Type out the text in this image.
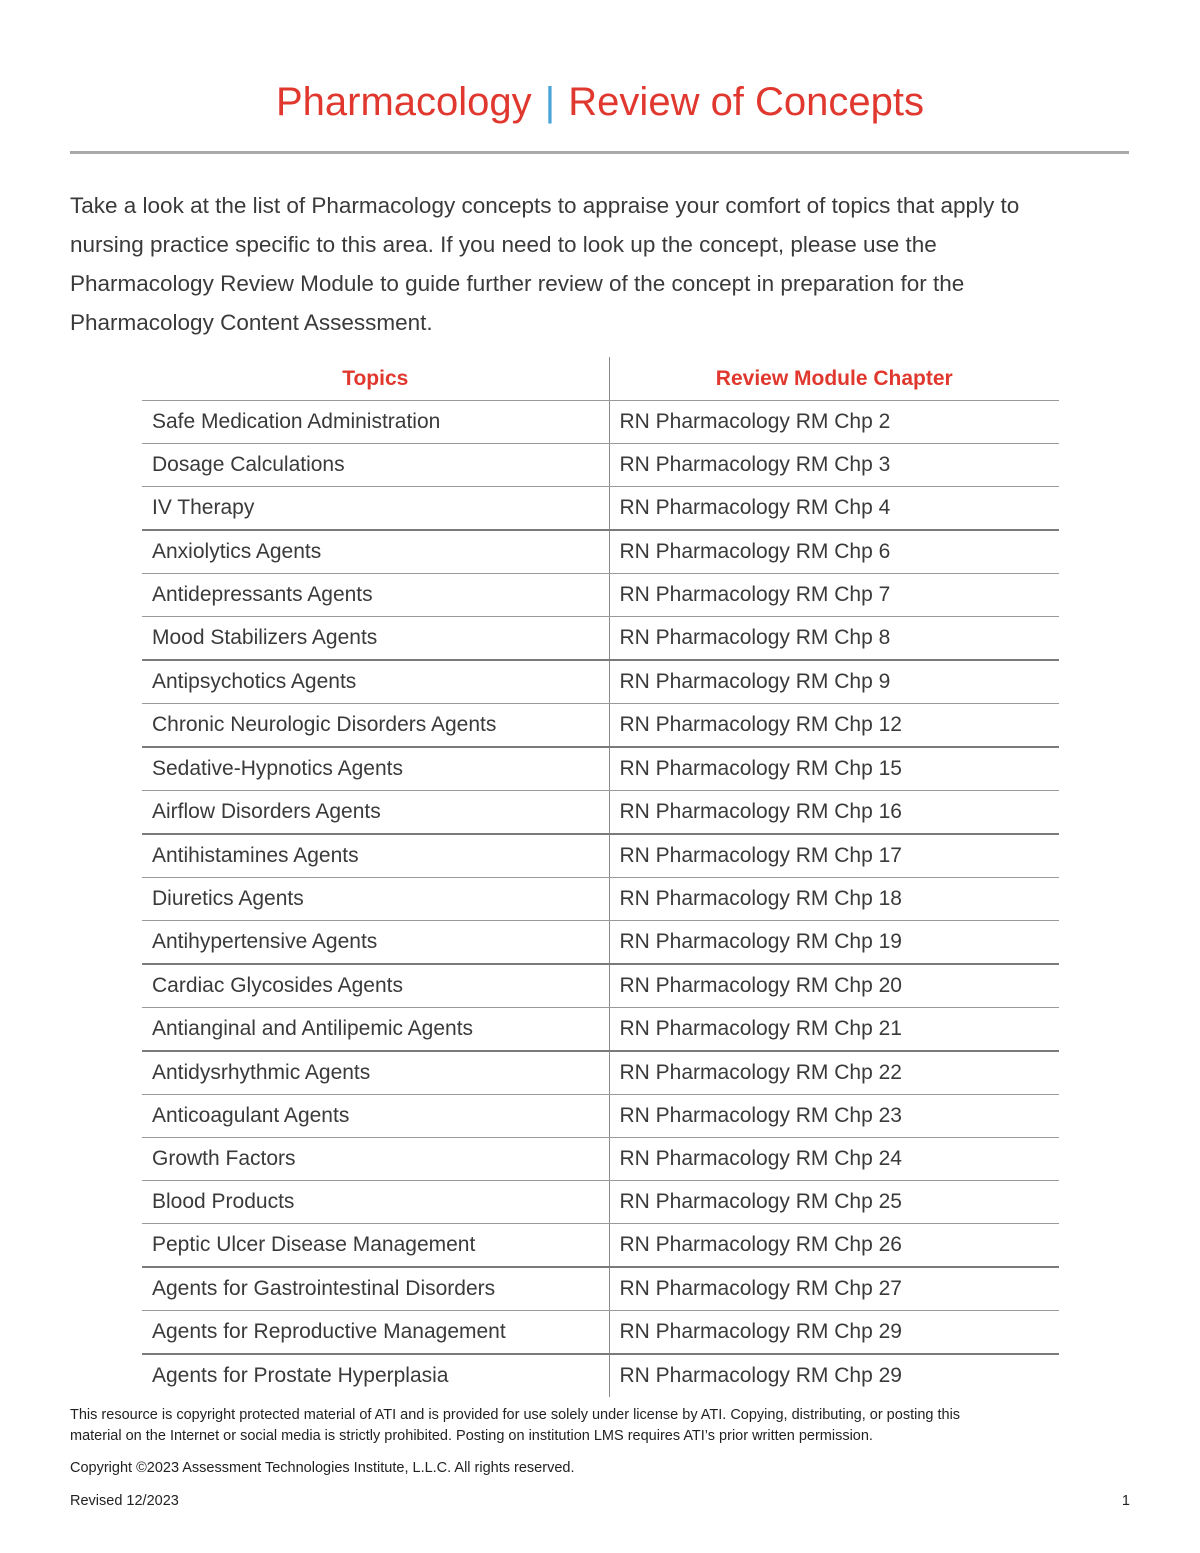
Pharmacology | Review of Concepts
Take a look at the list of Pharmacology concepts to appraise your comfort of topics that apply to
nursing practice specific to this area. If you need to look up the concept, please use the
Pharmacology Review Module to guide further review of the concept in preparation for the
Pharmacology Content Assessment.
Topics	Review Module Chapter
Safe Medication Administration	RN Pharmacology RM Chp 2
Dosage Calculations	RN Pharmacology RM Chp 3
IV Therapy	RN Pharmacology RM Chp 4
Anxiolytics Agents	RN Pharmacology RM Chp 6
Antidepressants Agents	RN Pharmacology RM Chp 7
Mood Stabilizers Agents	RN Pharmacology RM Chp 8
Antipsychotics Agents	RN Pharmacology RM Chp 9
Chronic Neurologic Disorders Agents	RN Pharmacology RM Chp 12
Sedative-Hypnotics Agents	RN Pharmacology RM Chp 15
Airflow Disorders Agents	RN Pharmacology RM Chp 16
Antihistamines Agents	RN Pharmacology RM Chp 17
Diuretics Agents	RN Pharmacology RM Chp 18
Antihypertensive Agents	RN Pharmacology RM Chp 19
Cardiac Glycosides Agents	RN Pharmacology RM Chp 20
Antianginal and Antilipemic Agents	RN Pharmacology RM Chp 21
Antidysrhythmic Agents	RN Pharmacology RM Chp 22
Anticoagulant Agents	RN Pharmacology RM Chp 23
Growth Factors	RN Pharmacology RM Chp 24
Blood Products	RN Pharmacology RM Chp 25
Peptic Ulcer Disease Management	RN Pharmacology RM Chp 26
Agents for Gastrointestinal Disorders	RN Pharmacology RM Chp 27
Agents for Reproductive Management	RN Pharmacology RM Chp 29
Agents for Prostate Hyperplasia	RN Pharmacology RM Chp 29
This resource is copyright protected material of ATI and is provided for use solely under license by ATI. Copying, distributing, or posting this
material on the Internet or social media is strictly prohibited. Posting on institution LMS requires ATI’s prior written permission.
Copyright ©2023 Assessment Technologies Institute, L.L.C. All rights reserved.
Revised 12/2023	1
